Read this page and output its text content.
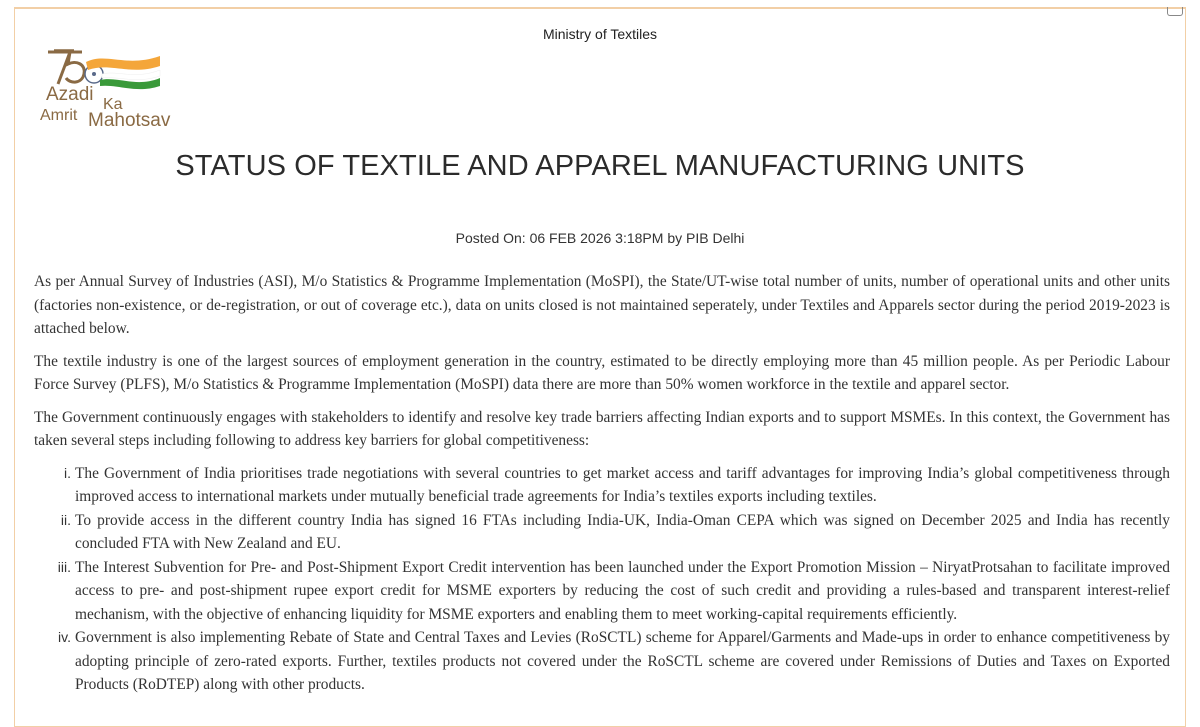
Ministry of Textiles
Azadi Ka
Amrit Mahotsav
STATUS OF TEXTILE AND APPAREL MANUFACTURING UNITS
Posted On: 06 FEB 2026 3:18PM by PIB Delhi

As per Annual Survey of Industries (ASI), M/o Statistics & Programme Implementation (MoSPI), the State/UT-wise total number of units, number of operational units and other units (factories non-existence, or de-registration, or out of coverage etc.), data on units closed is not maintained seperately, under Textiles and Apparels sector during the period 2019-2023 is attached below.

The textile industry is one of the largest sources of employment generation in the country, estimated to be directly employing more than 45 million people. As per Periodic Labour Force Survey (PLFS), M/o Statistics & Programme Implementation (MoSPI) data there are more than 50% women workforce in the textile and apparel sector.

The Government continuously engages with stakeholders to identify and resolve key trade barriers affecting Indian exports and to support MSMEs. In this context, the Government has taken several steps including following to address key barriers for global competitiveness:

i. The Government of India prioritises trade negotiations with several countries to get market access and tariff advantages for improving India’s global competitiveness through improved access to international markets under mutually beneficial trade agreements for India’s textiles exports including textiles.
ii. To provide access in the different country India has signed 16 FTAs including India-UK, India-Oman CEPA which was signed on December 2025 and India has recently concluded FTA with New Zealand and EU.
iii. The Interest Subvention for Pre- and Post-Shipment Export Credit intervention has been launched under the Export Promotion Mission – NiryatProtsahan to facilitate improved access to pre- and post-shipment rupee export credit for MSME exporters by reducing the cost of such credit and providing a rules-based and transparent interest-relief mechanism, with the objective of enhancing liquidity for MSME exporters and enabling them to meet working-capital requirements efficiently.
iv. Government is also implementing Rebate of State and Central Taxes and Levies (RoSCTL) scheme for Apparel/Garments and Made-ups in order to enhance competitiveness by adopting principle of zero-rated exports. Further, textiles products not covered under the RoSCTL scheme are covered under Remissions of Duties and Taxes on Exported Products (RoDTEP) along with other products.
